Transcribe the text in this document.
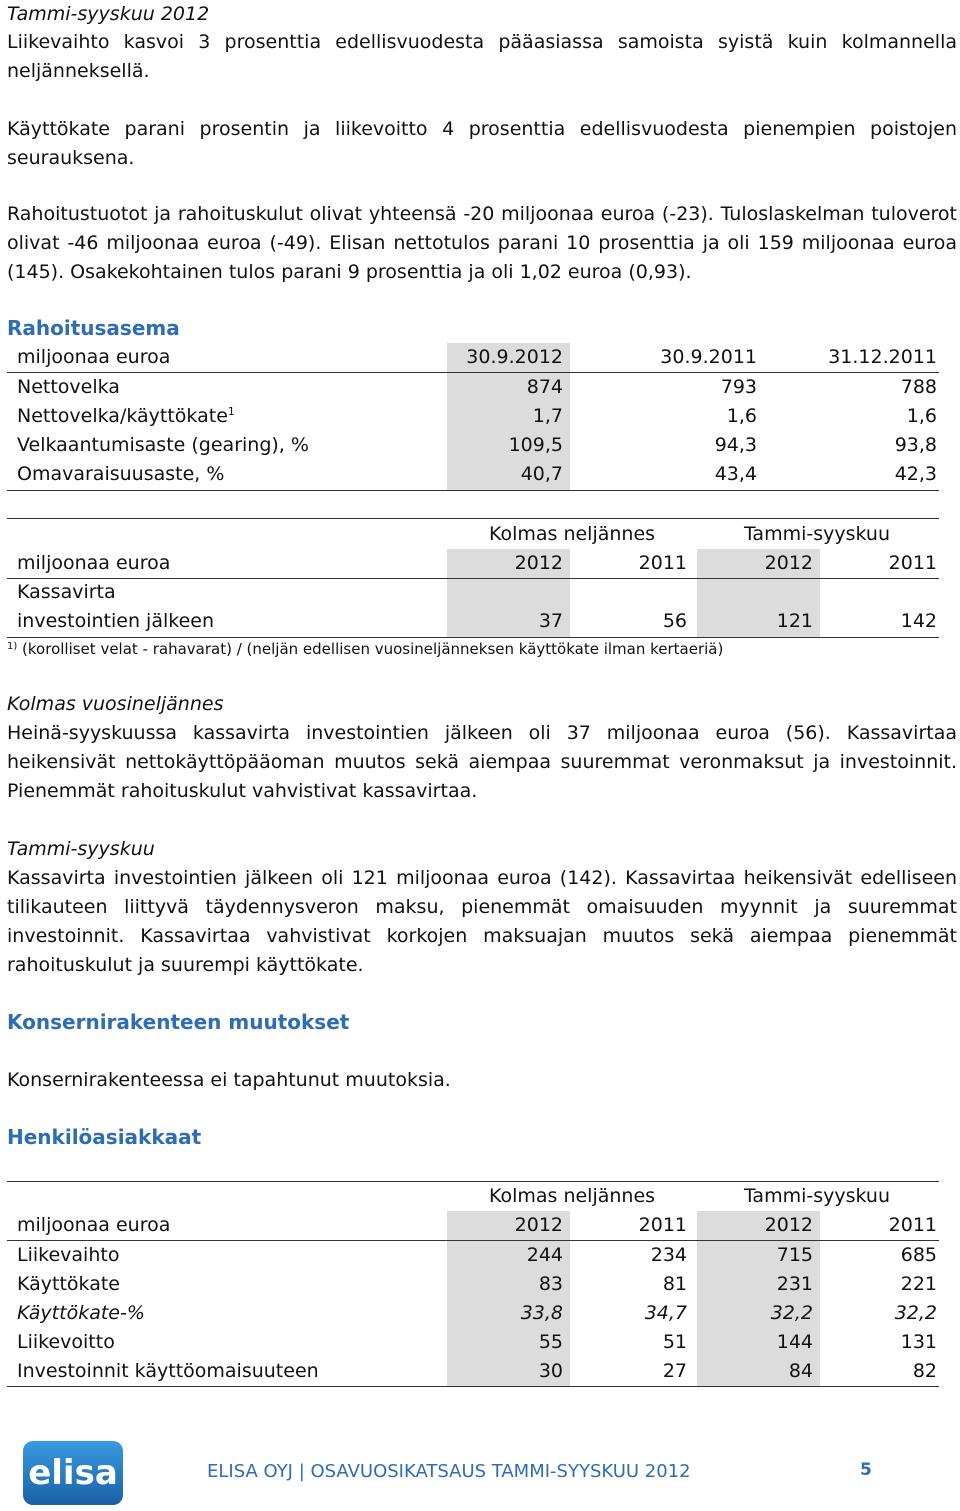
Tammi-syyskuu 2012
Liikevaihto kasvoi 3 prosenttia edellisvuodesta pääasiassa samoista syistä kuin kolmannella neljänneksellä.
Käyttökate parani prosentin ja liikevoitto 4 prosenttia edellisvuodesta pienempien poistojen seurauksena.
Rahoitustuotot ja rahoituskulut olivat yhteensä -20 miljoonaa euroa (-23). Tuloslaskelman tuloverot olivat -46 miljoonaa euroa (-49). Elisan nettotulos parani 10 prosenttia ja oli 159 miljoonaa euroa (145). Osakekohtainen tulos parani 9 prosenttia ja oli 1,02 euroa (0,93).
Rahoitusasema
miljoonaa euroa	30.9.2012	30.9.2011	31.12.2011
Nettovelka	874	793	788
Nettovelka/käyttökate$^1$	1,7	1,6	1,6
Velkaantumisaste (gearing), %	109,5	94,3	93,8
Omavaraisuusaste, %	40,7	43,4	42,3
Kolmas neljännes	Tammi-syyskuu
miljoonaa euroa	2012	2011	2012	2011
Kassavirta
investointien jälkeen	37	56	121	142
$^{1)}$ (korolliset velat - rahavarat) / (neljän edellisen vuosineljänneksen käyttökate ilman kertaeriä)
Kolmas vuosineljännes
Heinä-syyskuussa kassavirta investointien jälkeen oli 37 miljoonaa euroa (56). Kassavirtaa heikensivät nettokäyttöpääoman muutos sekä aiempaa suuremmat veronmaksut ja investoinnit. Pienemmät rahoituskulut vahvistivat kassavirtaa.
Tammi-syyskuu
Kassavirta investointien jälkeen oli 121 miljoonaa euroa (142). Kassavirtaa heikensivät edelliseen tilikauteen liittyvä täydennysveron maksu, pienemmät omaisuuden myynnit ja suuremmat investoinnit. Kassavirtaa vahvistivat korkojen maksuajan muutos sekä aiempaa pienemmät rahoituskulut ja suurempi käyttökate.
Konsernirakenteen muutokset
Konsernirakenteessa ei tapahtunut muutoksia.
Henkilöasiakkaat
Kolmas neljännes	Tammi-syyskuu
miljoonaa euroa	2012	2011	2012	2011
Liikevaihto	244	234	715	685
Käyttökate	83	81	231	221
Käyttökate-%	33,8	34,7	32,2	32,2
Liikevoitto	55	51	144	131
Investoinnit käyttöomaisuuteen	30	27	84	82
elisa	ELISA OYJ | OSAVUOSIKATSAUS TAMMI-SYYSKUU 2012	5
